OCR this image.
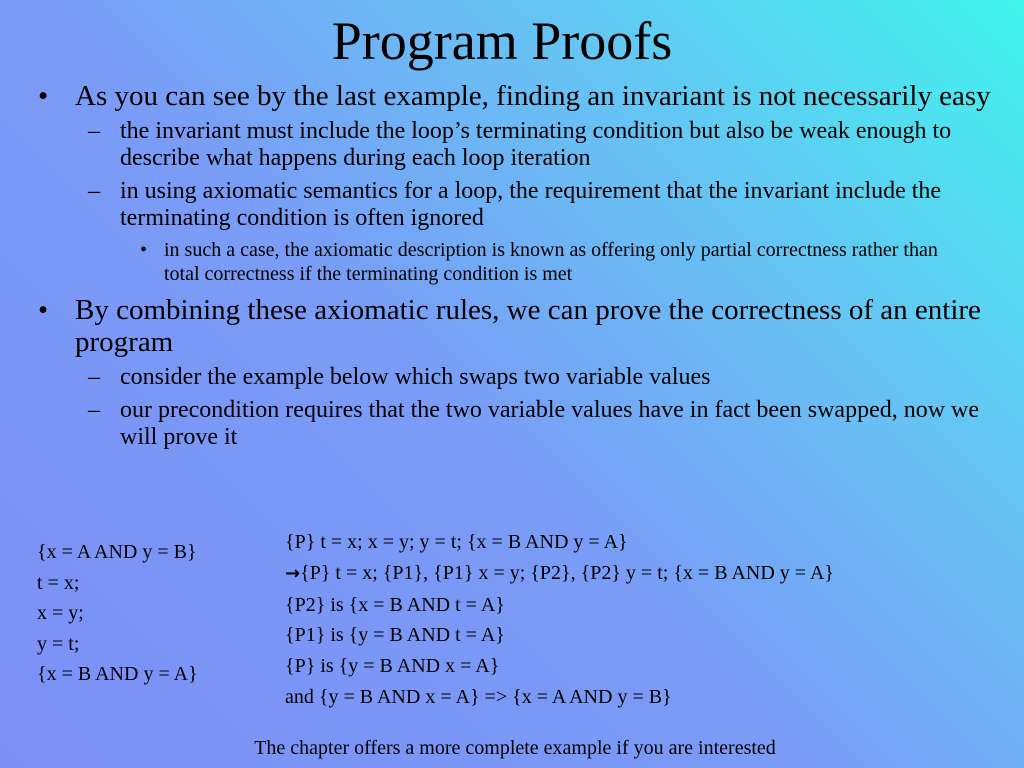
Program Proofs
• As you can see by the last example, finding an invariant is not necessarily easy
– the invariant must include the loop’s terminating condition but also be weak enough to describe what happens during each loop iteration
– in using axiomatic semantics for a loop, the requirement that the invariant include the terminating condition is often ignored
• in such a case, the axiomatic description is known as offering only partial correctness rather than total correctness if the terminating condition is met
• By combining these axiomatic rules, we can prove the correctness of an entire program
– consider the example below which swaps two variable values
– our precondition requires that the two variable values have in fact been swapped, now we will prove it
{x = A AND y = B}
t = x;
x = y;
y = t;
{x = B AND y = A}
{P} t = x; x = y; y = t; {x = B AND y = A}
→{P} t = x; {P1}, {P1} x = y; {P2}, {P2} y = t; {x = B AND y = A}
{P2} is {x = B AND t = A}
{P1} is {y = B AND t = A}
{P} is {y = B AND x = A}
and {y = B AND x = A} => {x = A AND y = B}
The chapter offers a more complete example if you are interested
